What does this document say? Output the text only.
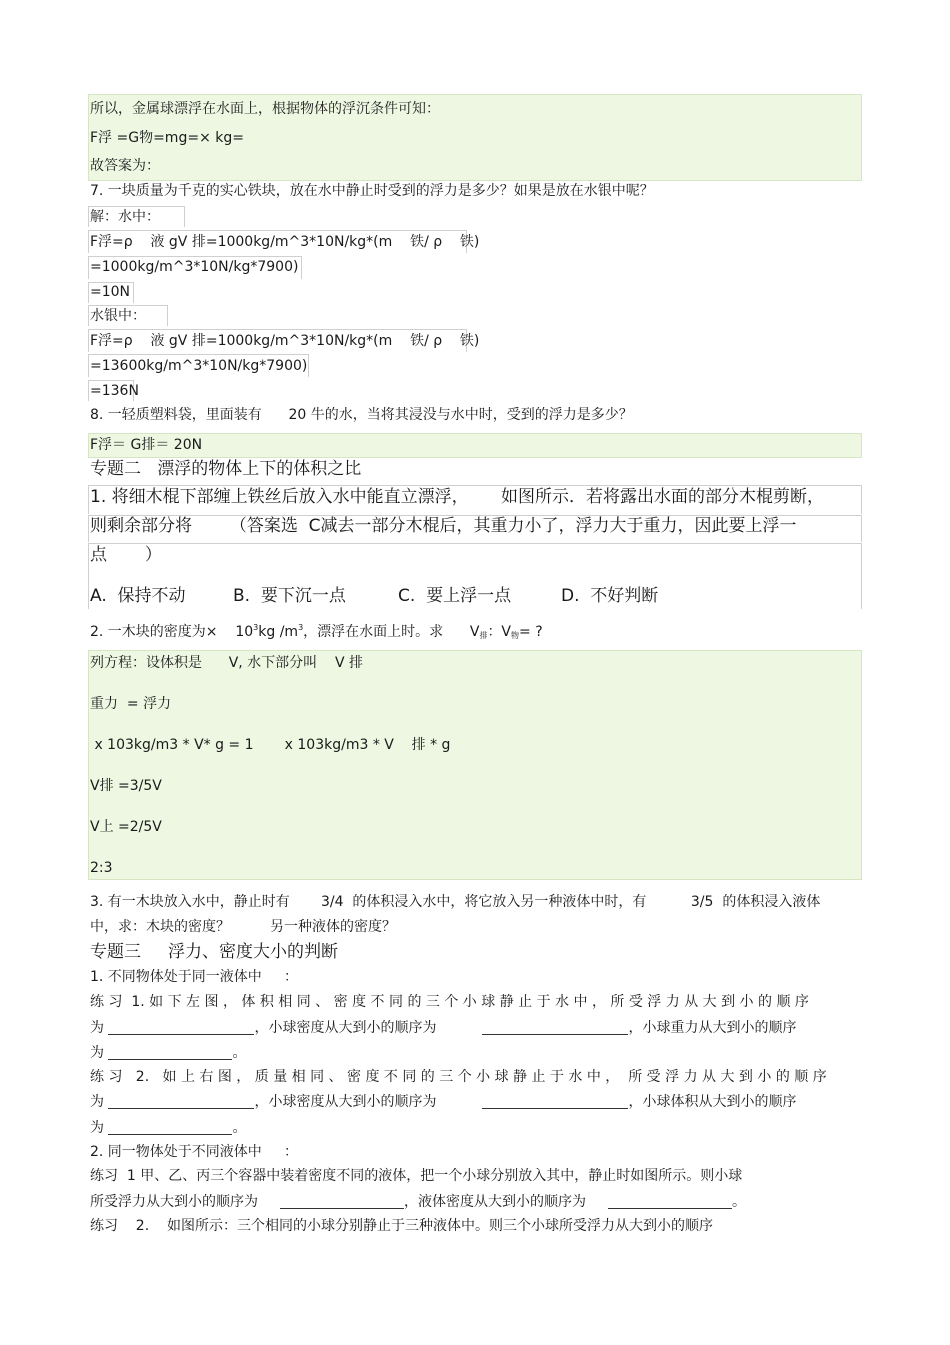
所以，金属球漂浮在水面上，根据物体的浮沉条件可知：
F浮 =G物=mg=× kg=
故答案为：
7. 一块质量为千克的实心铁块，放在水中静止时受到的浮力是多少？如果是放在水银中呢？
解：水中：
F浮=ρ    液 gV 排=1000kg/m^3*10N/kg*(m    铁/ ρ    铁)
=1000kg/m^3*10N/kg*7900)
=10N
水银中：
F浮=ρ    液 gV 排=1000kg/m^3*10N/kg*(m    铁/ ρ    铁)
=13600kg/m^3*10N/kg*7900)
=136N
8. 一轻质塑料袋，里面装有      20 牛的水，当将其浸没与水中时，受到的浮力是多少？
F浮＝ G排＝ 20N
专题二   漂浮的物体上下的体积之比
1. 将细木棍下部缠上铁丝后放入水中能直立漂浮，      如图所示．若将露出水面的部分木棍剪断，
则剩余部分将       （答案选  C减去一部分木棍后，其重力小了，浮力大于重力，因此要上浮一
点       ）
A.  保持不动	B.  要下沉一点	C.  要上浮一点	D.  不好判断
2. 一木块的密度为×    $10^3kg$ $/m^3$，漂浮在水面上时。求      $V_排$：$V_物=$ ?
列方程：设体积是      V, 水下部分叫    V 排
重力  = 浮力
x 103kg/m3 * V* g = 1       x 103kg/m3 * V    排 * g
V排 =3/5V
V上 =2/5V
2:3
3. 有一木块放入水中，静止时有       3/4  的体积浸入水中，将它放入另一种液体中时，有          3/5  的体积浸入液体
中，求：木块的密度？         另一种液体的密度？
专题三     浮力、密度大小的判断
1. 不同物体处于同一液体中     ：
练 习  1. 如 下 左 图 ， 体 积 相 同 、 密 度 不 同 的 三 个 小 球 静 止 于 水 中 ， 所 受 浮 力 从 大 到 小 的 顺 序
为	，小球密度从大到小的顺序为	，小球重力从大到小的顺序
为	。
练 习   2.   如 上 右 图 ， 质 量 相 同 、 密 度 不 同 的 三 个 小 球 静 止 于 水 中 ，  所 受 浮 力 从 大 到 小 的 顺 序
为	，小球密度从大到小的顺序为	，小球体积从大到小的顺序
为	。
2. 同一物体处于不同液体中     ：
练习  1 甲、乙、丙三个容器中装着密度不同的液体，把一个小球分别放入其中，静止时如图所示。则小球
所受浮力从大到小的顺序为	，液体密度从大到小的顺序为	。
练习    2.    如图所示：三个相同的小球分别静止于三种液体中。则三个小球所受浮力从大到小的顺序
